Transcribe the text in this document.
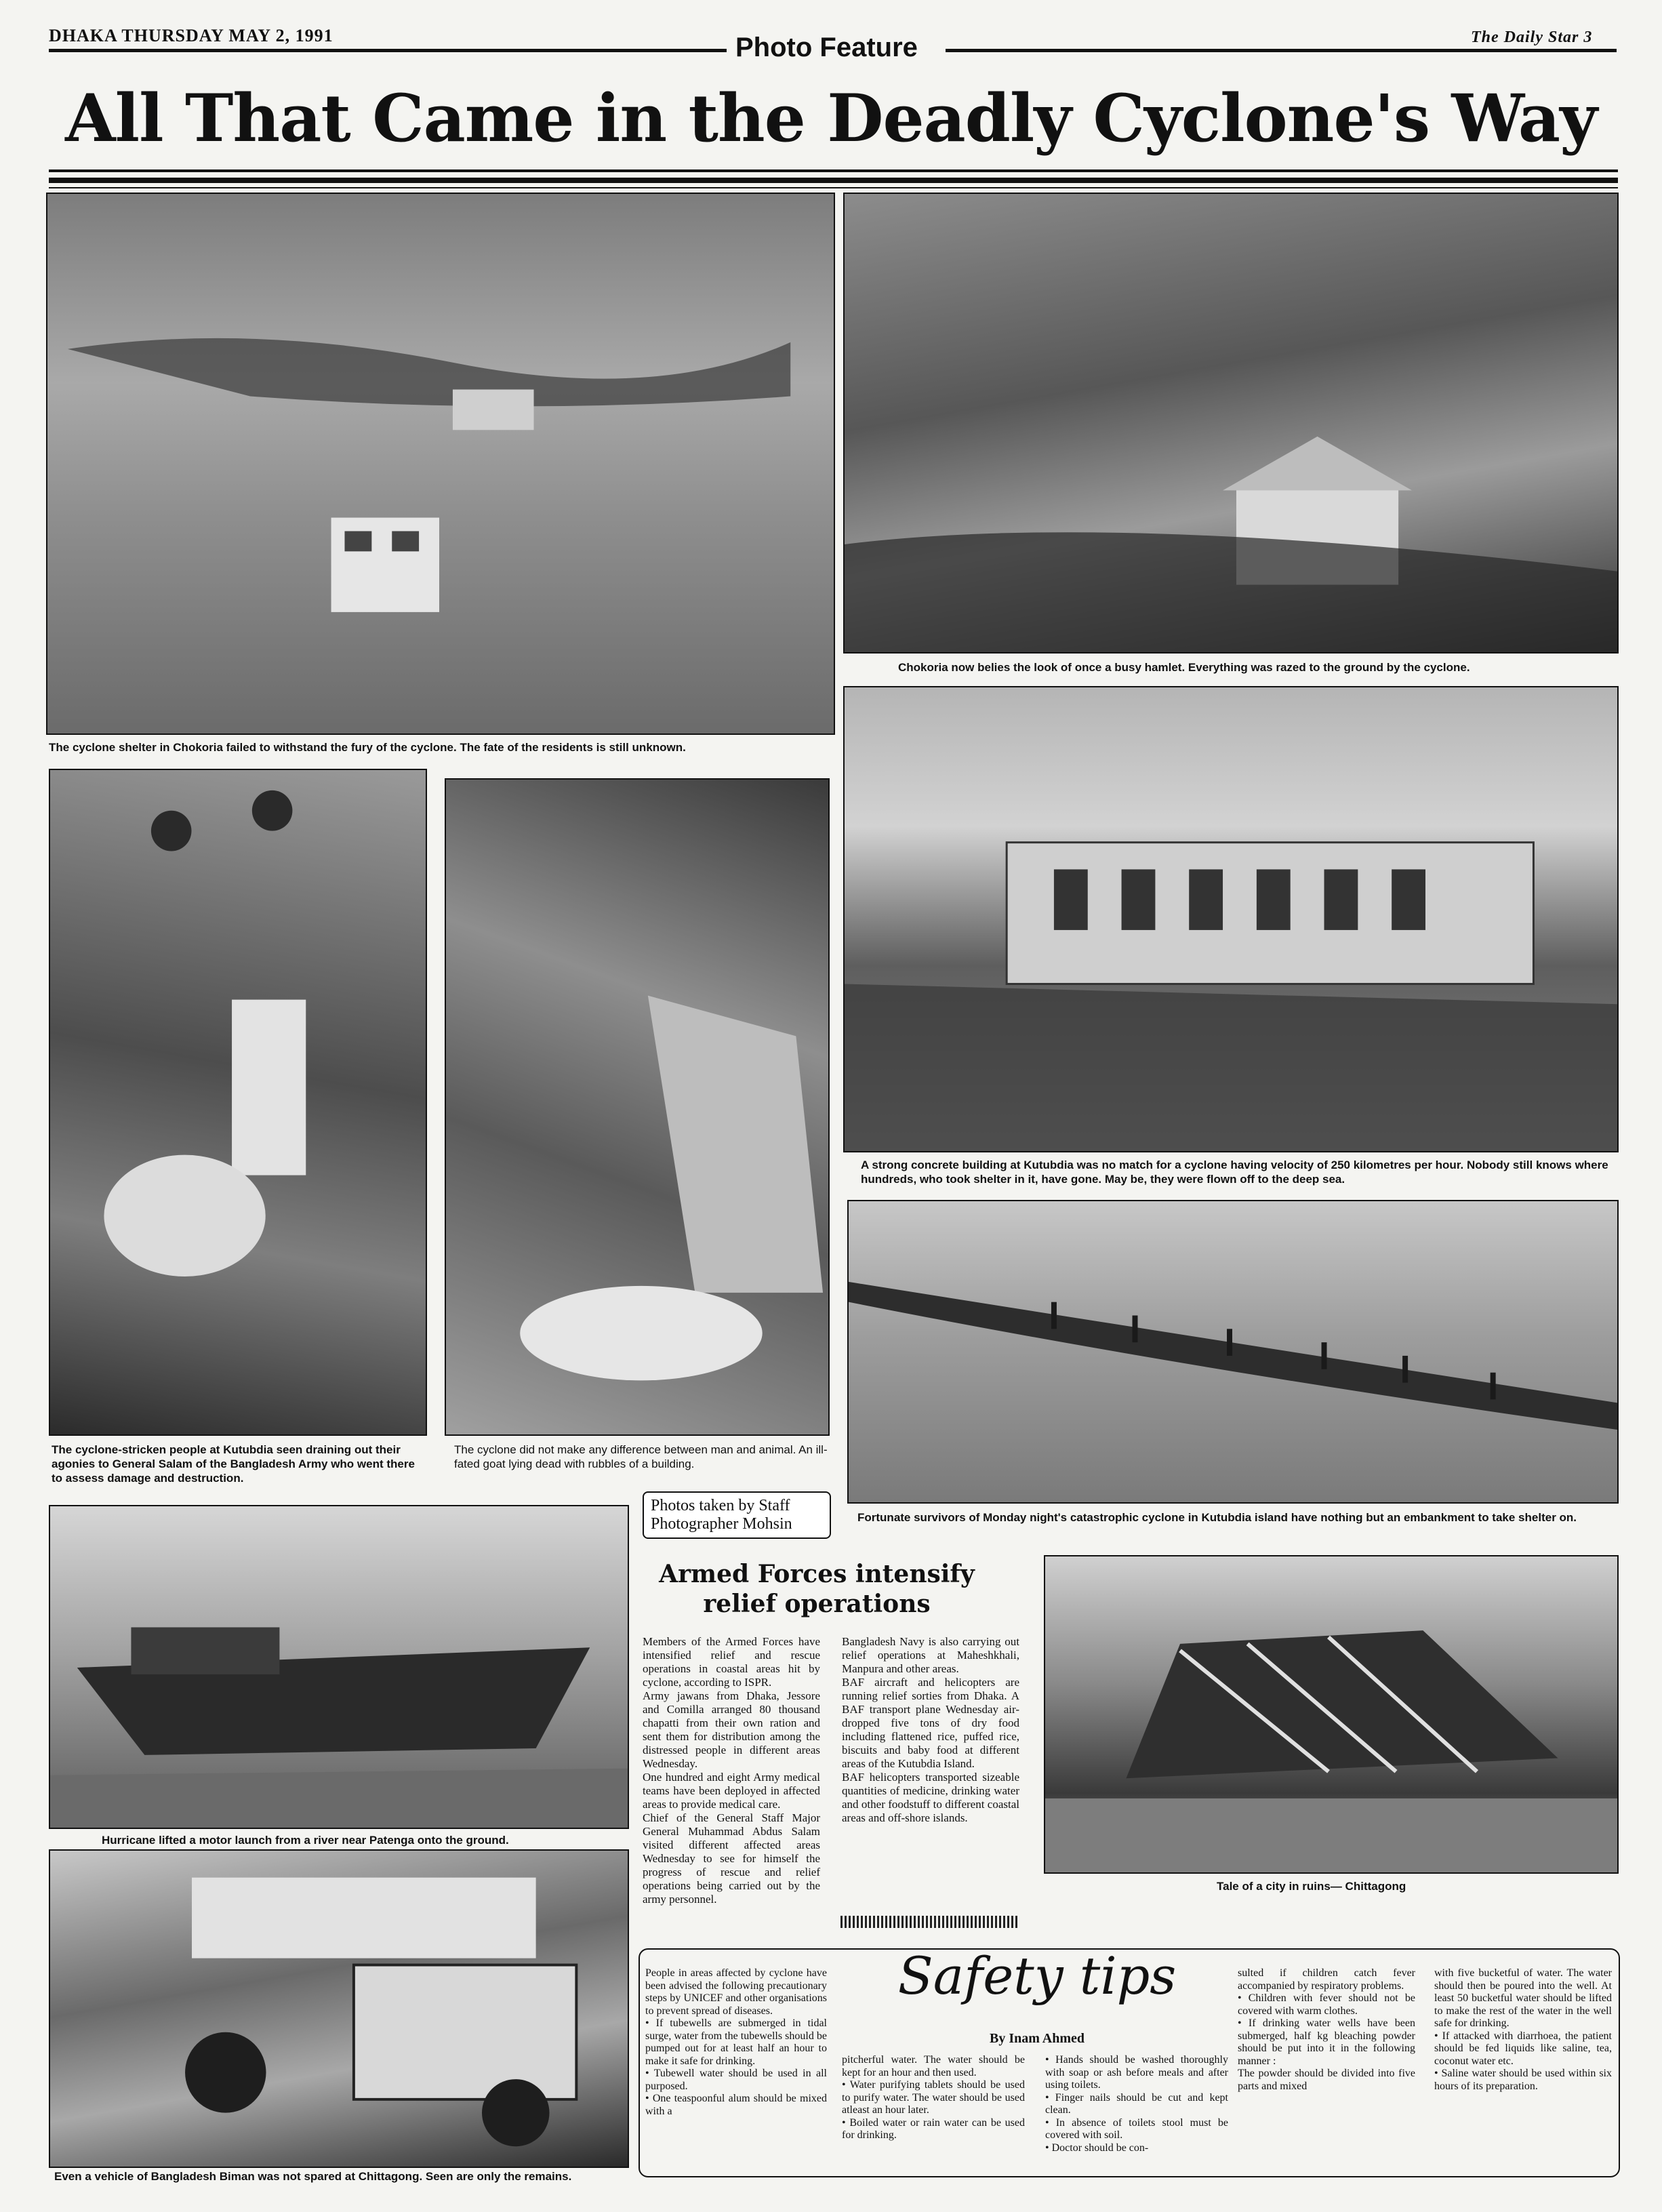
DHAKA THURSDAY MAY 2, 1991	Photo Feature	The Daily Star 3
All That Came in the Deadly Cyclone's Way
The cyclone shelter in Chokoria failed to withstand the fury of the cyclone. The fate of the residents is still unknown.
Chokoria now belies the look of once a busy hamlet. Everything was razed to the ground by the cyclone.
A strong concrete building at Kutubdia was no match for a cyclone having velocity of 250 kilometres per hour. Nobody still knows where hundreds, who took shelter in it, have gone. May be, they were flown off to the deep sea.
The cyclone-stricken people at Kutubdia seen draining out their agonies to General Salam of the Bangladesh Army who went there to assess damage and destruction.
The cyclone did not make any difference between man and animal. An ill-fated goat lying dead with rubbles of a building.
Fortunate survivors of Monday night's catastrophic cyclone in Kutubdia island have nothing but an embankment to take shelter on.
Photos taken by Staff
Photographer Mohsin
Hurricane lifted a motor launch from a river near Patenga onto the ground.
Armed Forces intensify
relief operations
Members of the Armed Forces have intensified relief and rescue operations in coastal areas hit by cyclone, according to ISPR.
Army jawans from Dhaka, Jessore and Comilla arranged 80 thousand chapatti from their own ration and sent them for distribution among the distressed people in different areas Wednesday.
One hundred and eight Army medical teams have been deployed in affected areas to provide medical care.
Chief of the General Staff Major General Muhammad Abdus Salam visited different affected areas Wednesday to see for himself the progress of rescue and relief operations being carried out by the army personnel.
Bangladesh Navy is also carrying out relief operations at Maheshkhali, Manpura and other areas.
BAF aircraft and helicopters are running relief sorties from Dhaka. A BAF transport plane Wednesday air-dropped five tons of dry food including flattened rice, puffed rice, biscuits and baby food at different areas of the Kutubdia Island.
BAF helicopters transported sizeable quantities of medicine, drinking water and other foodstuff to different coastal areas and off-shore islands.
Tale of a city in ruins— Chittagong
Even a vehicle of Bangladesh Biman was not spared at Chittagong. Seen are only the remains.
Safety tips
By Inam Ahmed
People in areas affected by cyclone have been advised the following precautionary steps by UNICEF and other organisations to prevent spread of diseases.
• If tubewells are submerged in tidal surge, water from the tubewells should be pumped out for at least half an hour to make it safe for drinking.
• Tubewell water should be used in all purposed.
• One teaspoonful alum should be mixed with a
pitcherful water. The water should be kept for an hour and then used.
• Water purifying tablets should be used to purify water. The water should be used atleast an hour later.
• Boiled water or rain water can be used for drinking.
• Hands should be washed thoroughly with soap or ash before meals and after using toilets.
• Finger nails should be cut and kept clean.
• In absence of toilets stool must be covered with soil.
• Doctor should be con-
sulted if children catch fever accompanied by respiratory problems.
• Children with fever should not be covered with warm clothes.
• If drinking water wells have been submerged, half kg bleaching powder should be put into it in the following manner :
The powder should be divided into five parts and mixed
with five bucketful of water. The water should then be poured into the well. At least 50 bucketful water should be lifted to make the rest of the water in the well safe for drinking.
• If attacked with diarrhoea, the patient should be fed liquids like saline, tea, coconut water etc.
• Saline water should be used within six hours of its preparation.
